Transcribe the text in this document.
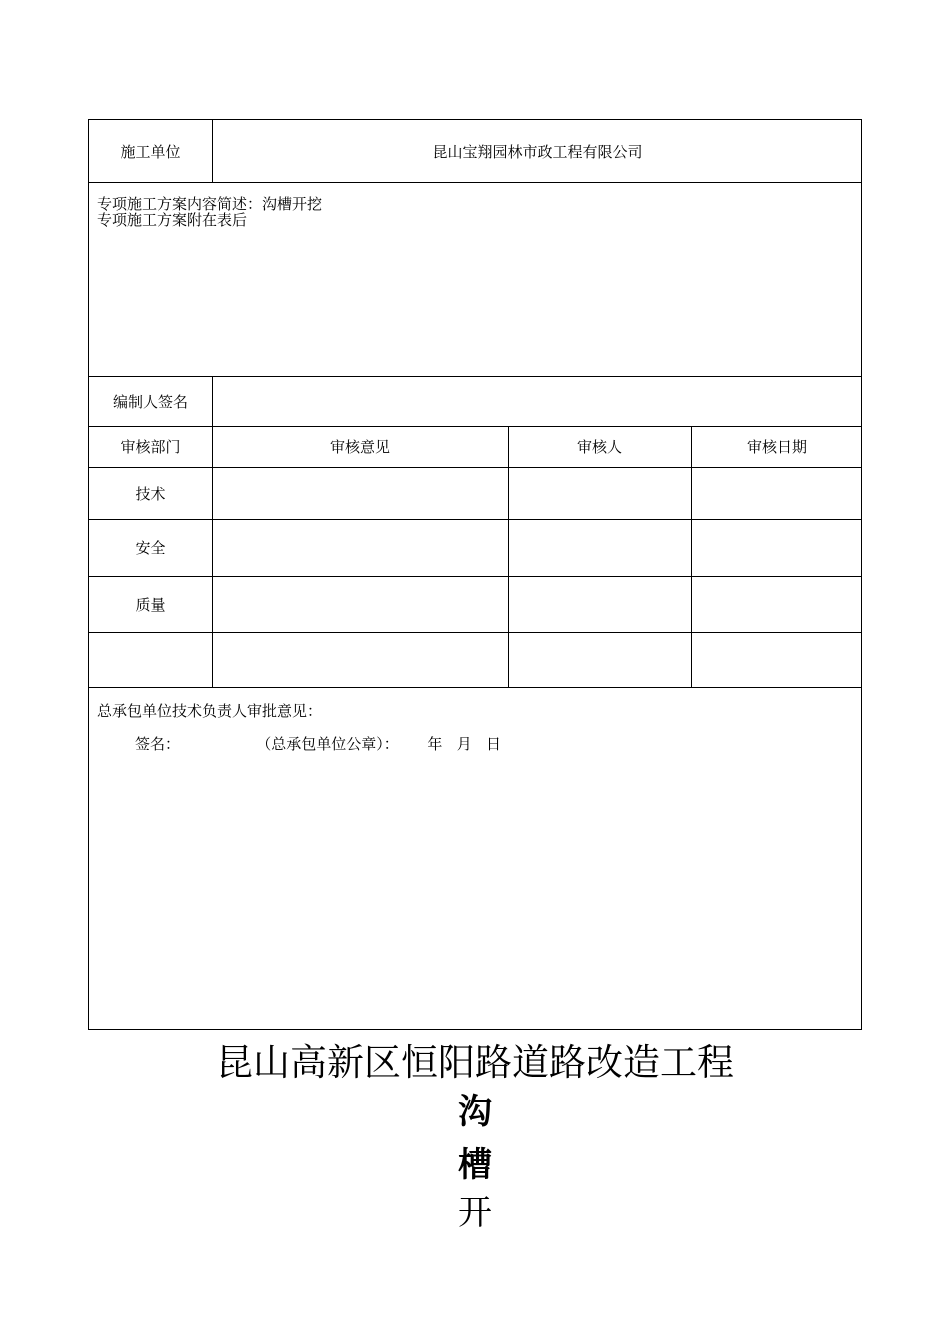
施工单位	昆山宝翔园林市政工程有限公司
专项施工方案内容简述：沟槽开挖
专项施工方案附在表后
编制人签名
审核部门	审核意见	审核人	审核日期
技术
安全
质量
总承包单位技术负责人审批意见：
签名：                （总承包单位公章）：      年   月   日
昆山高新区恒阳路道路改造工程
沟
槽
开
